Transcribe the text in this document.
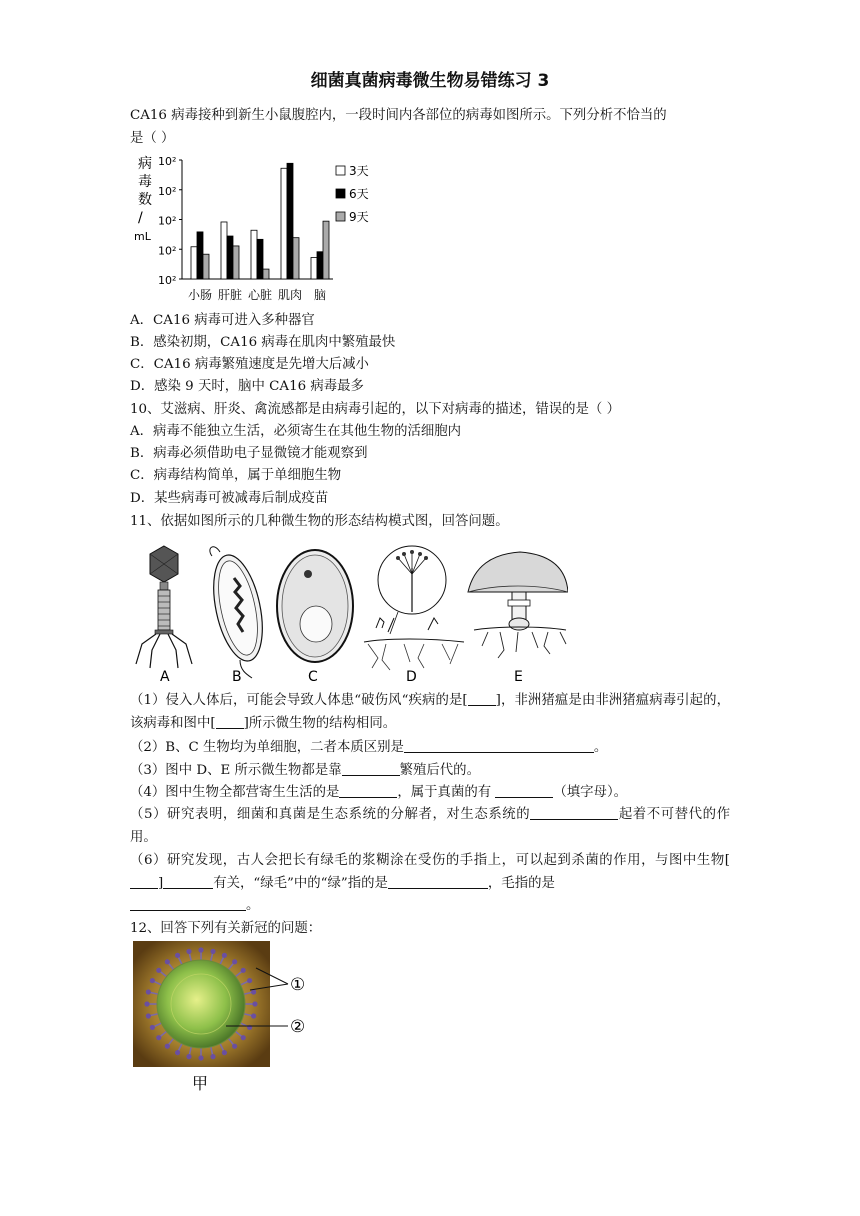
细菌真菌病毒微生物易错练习 3
CA16 病毒接种到新生小鼠腹腔内，一段时间内各部位的病毒如图所示。下列分析不恰当的
是（ ）
病
毒
数
/
mL
10²
10²
10²
10²
10²
小肠 肝脏 心脏 肌肉 脑
3天
6天
9天
A．CA16 病毒可进入多种器官
B．感染初期，CA16 病毒在肌肉中繁殖最快
C．CA16 病毒繁殖速度是先增大后减小
D．感染 9 天时，脑中 CA16 病毒最多
10、艾滋病、肝炎、禽流感都是由病毒引起的，以下对病毒的描述，错误的是（ ）
A．病毒不能独立生活，必须寄生在其他生物的活细胞内
B．病毒必须借助电子显微镜才能观察到
C．病毒结构简单，属于单细胞生物
D．某些病毒可被减毒后制成疫苗
11、依据如图所示的几种微生物的形态结构模式图，回答问题。
A	B	C	D	E
（1）侵入人体后，可能会导致人体患“破伤风“疾病的是[ ]，非洲猪瘟是由非洲猪瘟病毒引起的，该病毒和图中[ ]所示微生物的结构相同。
（2）B、C 生物均为单细胞，二者本质区别是	。
（3）图中 D、E 所示微生物都是靠	繁殖后代的。
（4）图中生物全都营寄生生活的是	，属于真菌的有	（填字母）。
（5）研究表明，细菌和真菌是生态系统的分解者，对生态系统的	起着不可替代的作用。
（6）研究发现，古人会把长有绿毛的浆糊涂在受伤的手指上，可以起到杀菌的作用，与图中生物[]	有关，“绿毛”中的“绿”指的是	，毛指的是
。
12、回答下列有关新冠的问题：
①
②
甲
